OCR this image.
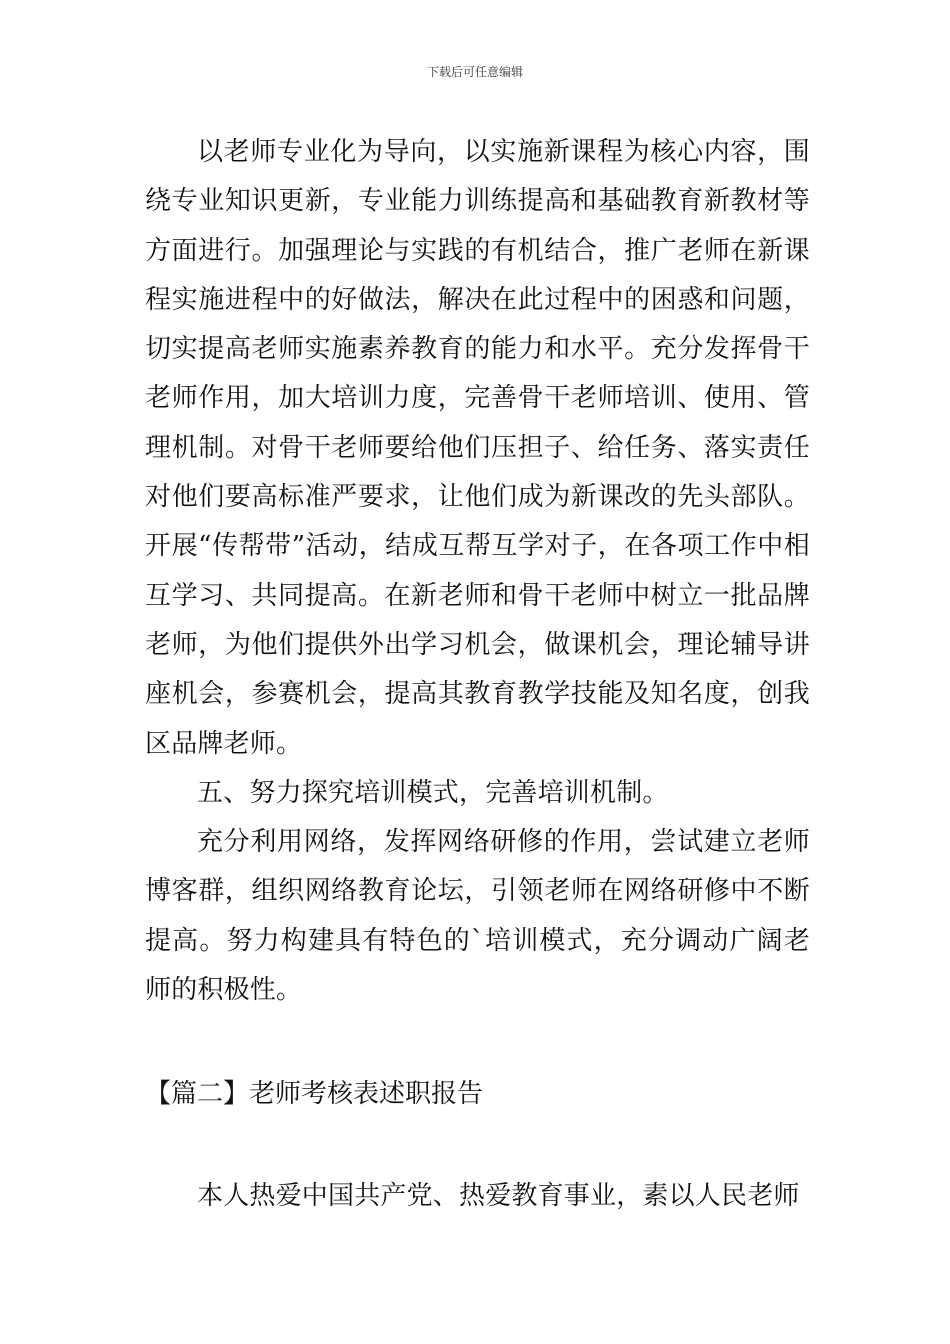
下载后可任意编辑

以老师专业化为导向，以实施新课程为核心内容，围绕专业知识更新，专业能力训练提高和基础教育新教材等方面进行。加强理论与实践的有机结合，推广老师在新课程实施进程中的好做法，解决在此过程中的困惑和问题，切实提高老师实施素养教育的能力和水平。充分发挥骨干老师作用，加大培训力度，完善骨干老师培训、使用、管理机制。对骨干老师要给他们压担子、给任务、落实责任对他们要高标准严要求，让他们成为新课改的先头部队。开展“传帮带”活动，结成互帮互学对子，在各项工作中相互学习、共同提高。在新老师和骨干老师中树立一批品牌老师，为他们提供外出学习机会，做课机会，理论辅导讲座机会，参赛机会，提高其教育教学技能及知名度，创我区品牌老师。

五、努力探究培训模式，完善培训机制。

充分利用网络，发挥网络研修的作用，尝试建立老师博客群，组织网络教育论坛，引领老师在网络研修中不断提高。努力构建具有特色的`培训模式，充分调动广阔老师的积极性。

【篇二】老师考核表述职报告

本人热爱中国共产党、热爱教育事业，素以人民老师
